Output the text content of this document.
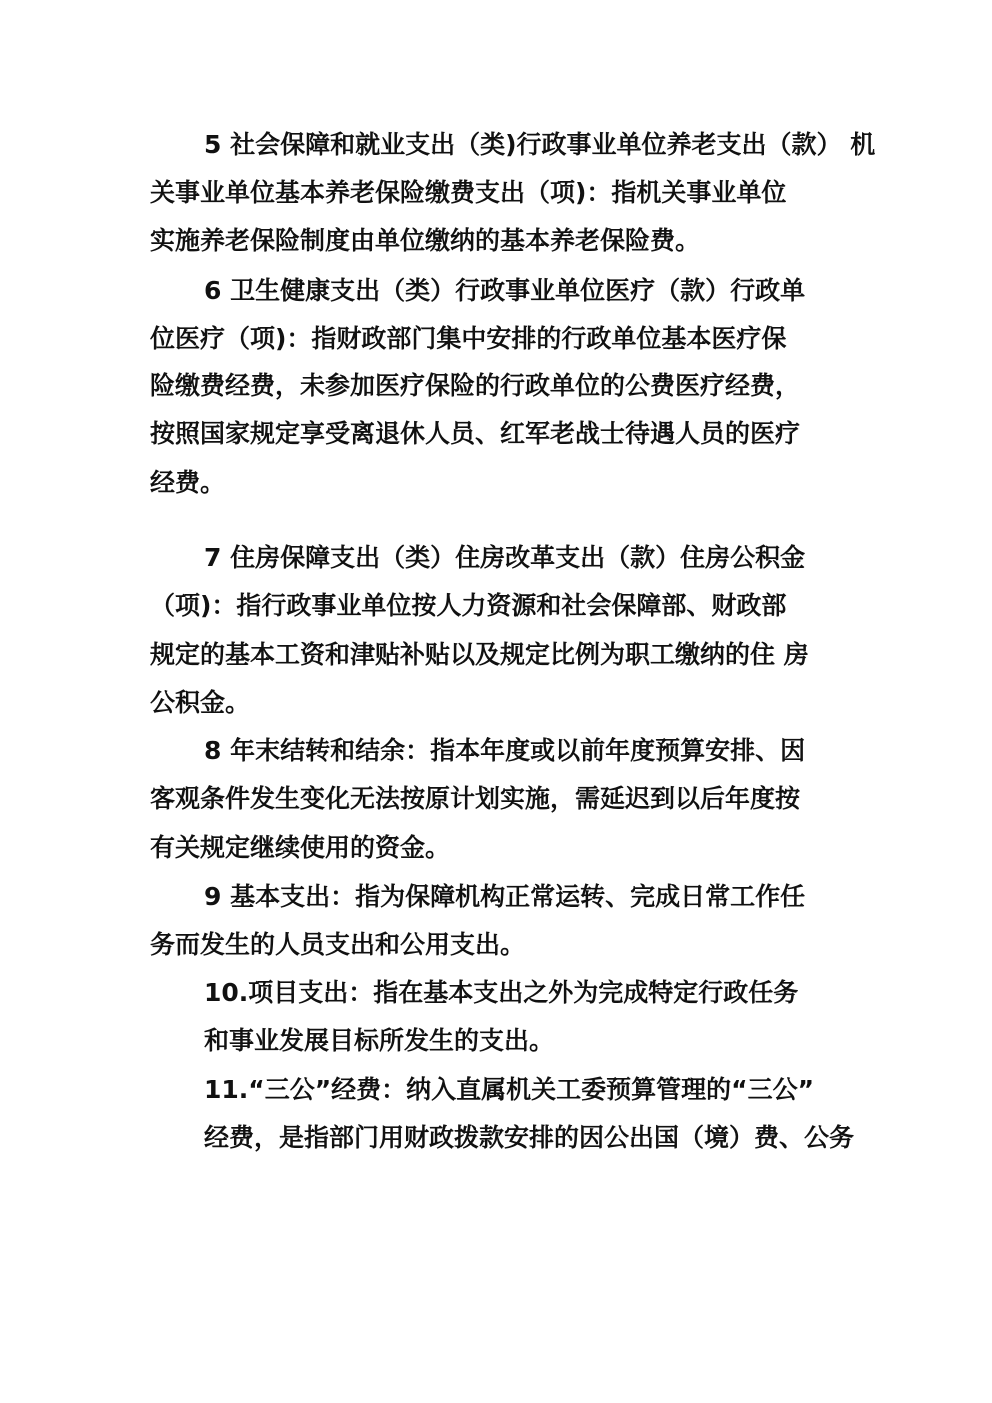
5 社会保障和就业支出（类)行政事业单位养老支出（款） 机
关事业单位基本养老保险缴费支出（项)：指机关事业单位
实施养老保险制度由单位缴纳的基本养老保险费。
6 卫生健康支出（类）行政事业单位医疗（款）行政单
位医疗（项)：指财政部门集中安排的行政单位基本医疗保
险缴费经费，未参加医疗保险的行政单位的公费医疗经费，
按照国家规定享受离退休人员、红军老战士待遇人员的医疗
经费。
7 住房保障支出（类）住房改革支出（款）住房公积金
（项)：指行政事业单位按人力资源和社会保障部、财政部
规定的基本工资和津贴补贴以及规定比例为职工缴纳的住 房
公积金。
8 年末结转和结余：指本年度或以前年度预算安排、因
客观条件发生变化无法按原计划实施，需延迟到以后年度按
有关规定继续使用的资金。
9 基本支出：指为保障机构正常运转、完成日常工作任
务而发生的人员支出和公用支出。
10.项目支出：指在基本支出之外为完成特定行政任务
和事业发展目标所发生的支出。
11.“三公”经费：纳入直属机关工委预算管理的“三公”
经费，是指部门用财政拨款安排的因公出国（境）费、公务
